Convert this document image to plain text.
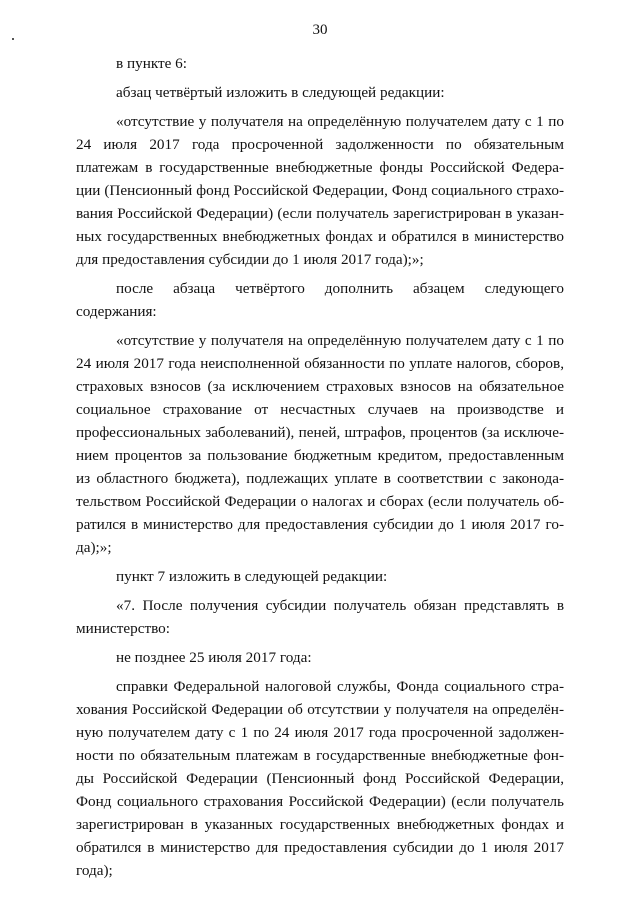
30

в пункте 6:

абзац четвёртый изложить в следующей редакции:

«отсутствие у получателя на определённую получателем дату с 1 по 24 июля 2017 года просроченной задолженности по обязательным платежам в государственные внебюджетные фонды Российской Федерации (Пенсионный фонд Российской Федерации, Фонд социального страхования Российской Федерации) (если получатель зарегистрирован в указанных государственных внебюджетных фондах и обратился в министерство для предоставления субсидии до 1 июля 2017 года);»;

после абзаца четвёртого дополнить абзацем следующего содержания:

«отсутствие у получателя на определённую получателем дату с 1 по 24 июля 2017 года неисполненной обязанности по уплате налогов, сборов, страховых взносов (за исключением страховых взносов на обязательное социальное страхование от несчастных случаев на производстве и профессиональных заболеваний), пеней, штрафов, процентов (за исключением процентов за пользование бюджетным кредитом, предоставленным из областного бюджета), подлежащих уплате в соответствии с законодательством Российской Федерации о налогах и сборах (если получатель обратился в министерство для предоставления субсидии до 1 июля 2017 года);»;

пункт 7 изложить в следующей редакции:

«7. После получения субсидии получатель обязан представлять в министерство:

не позднее 25 июля 2017 года:

справки Федеральной налоговой службы, Фонда социального страхования Российской Федерации об отсутствии у получателя на определённую получателем дату с 1 по 24 июля 2017 года просроченной задолженности по обязательным платежам в государственные внебюджетные фонды Российской Федерации (Пенсионный фонд Российской Федерации, Фонд социального страхования Российской Федерации) (если получатель зарегистрирован в указанных государственных внебюджетных фондах и обратился в министерство для предоставления субсидии до 1 июля 2017 года);
